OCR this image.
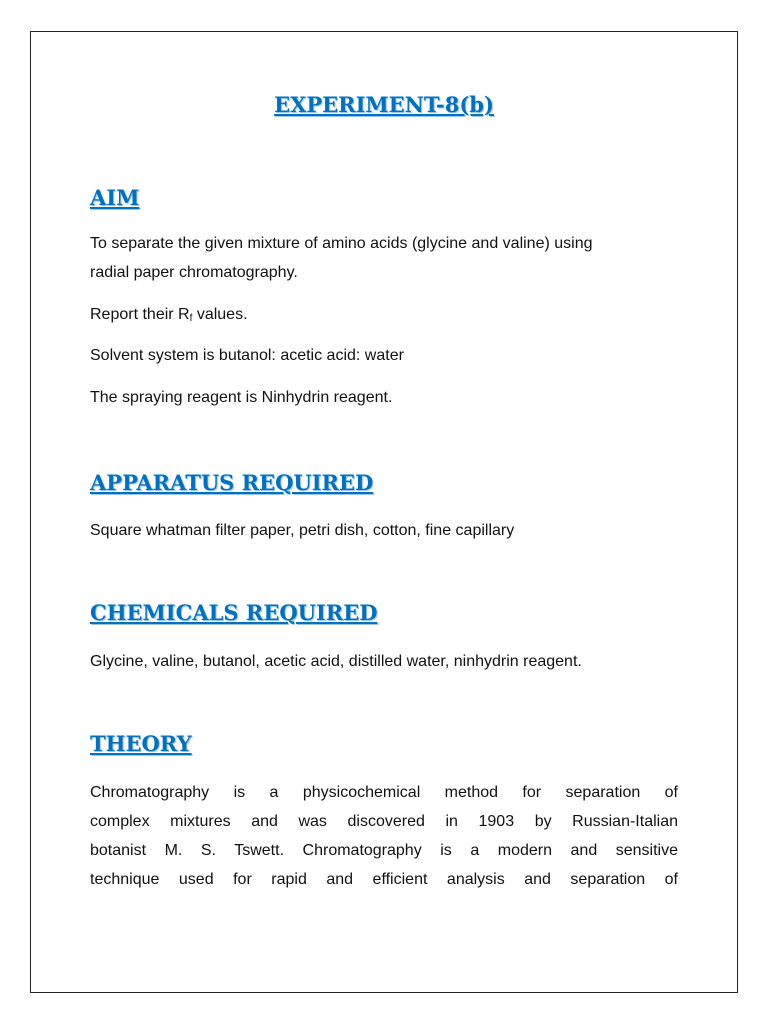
EXPERIMENT-8(b)
AIM

To separate the given mixture of amino acids (glycine and valine) using
radial paper chromatography.

Report their $R_f$ values.

Solvent system is butanol: acetic acid: water

The spraying reagent is Ninhydrin reagent.

APPARATUS REQUIRED

Square whatman filter paper, petri dish, cotton, fine capillary

CHEMICALS REQUIRED

Glycine, valine, butanol, acetic acid, distilled water, ninhydrin reagent.

THEORY
Chromatography is a physicochemical method for separation of
complex mixtures and was discovered in 1903 by Russian-Italian
botanist M. S. Tswett. Chromatography is a modern and sensitive
technique used for rapid and efficient analysis and separation of
